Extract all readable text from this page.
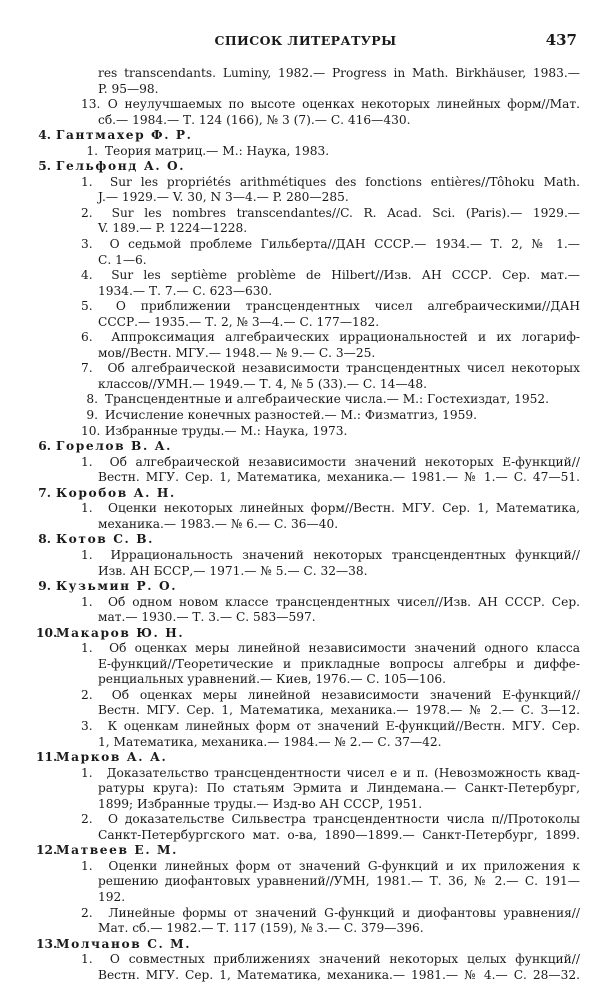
СПИСОК ЛИТЕРАТУРЫ	437
res transcendants. Luminy, 1982.— Progress in Math. Birkhäuser, 1983.—
P. 95—98.
13. О неулучшаемых по высоте оценках некоторых линейных форм//Мат.
сб.— 1984.— Т. 124 (166), № 3 (7).— С. 416—430.
4. Гантмахер Ф. Р.
1. Теория матриц.— М.: Наука, 1983.
5. Гельфонд А. О.
1. Sur les propriétés arithmétiques des fonctions entières//Tôhoku Math.
J.— 1929.— V. 30, N 3—4.— P. 280—285.
2. Sur les nombres transcendantes//C. R. Acad. Sci. (Paris).— 1929.—
V. 189.— P. 1224—1228.
3. О седьмой проблеме Гильберта//ДАН СССР.— 1934.— Т. 2, № 1.—
С. 1—6.
4. Sur les septième problème de Hilbert//Изв. АН СССР. Сер. мат.—
1934.— Т. 7.— С. 623—630.
5. О приближении трансцендентных чисел алгебраическими//ДАН
СССР.— 1935.— Т. 2, № 3—4.— С. 177—182.
6. Аппроксимация алгебраических иррациональностей и их логариф-
мов//Вестн. МГУ.— 1948.— № 9.— С. 3—25.
7. Об алгебраической независимости трансцендентных чисел некоторых
классов//УМН.— 1949.— Т. 4, № 5 (33).— С. 14—48.
8. Трансцендентные и алгебраические числа.— М.: Гостехиздат, 1952.
9. Исчисление конечных разностей.— М.: Физматгиз, 1959.
10. Избранные труды.— М.: Наука, 1973.
6. Горелов В. А.
1. Об алгебраической независимости значений некоторых Е-функций//
Вестн. МГУ. Сер. 1, Математика, механика.— 1981.— № 1.— С. 47—51.
7. Коробов А. Н.
1. Оценки некоторых линейных форм//Вестн. МГУ. Сер. 1, Математика,
механика.— 1983.— № 6.— С. 36—40.
8. Котов С. В.
1. Иррациональность значений некоторых трансцендентных функций//
Изв. АН БССР,— 1971.— № 5.— С. 32—38.
9. Кузьмин Р. О.
1. Об одном новом классе трансцендентных чисел//Изв. АН СССР. Сер.
мат.— 1930.— Т. 3.— С. 583—597.
10.Макаров Ю. Н.
1. Об оценках меры линейной независимости значений одного класса
Е-функций//Теоретические и прикладные вопросы алгебры и диффе-
ренциальных уравнений.— Киев, 1976.— С. 105—106.
2. Об оценках меры линейной независимости значений Е-функций//
Вестн. МГУ. Сер. 1, Математика, механика.— 1978.— № 2.— С. 3—12.
3. К оценкам линейных форм от значений Е-функций//Вестн. МГУ. Сер.
1, Математика, механика.— 1984.— № 2.— С. 37—42.
11.Марков А. А.
1. Доказательство трансцендентности чисел e и π. (Невозможность квад-
ратуры круга): По статьям Эрмита и Линдемана.— Санкт-Петербург,
1899; Избранные труды.— Изд-во АН СССР, 1951.
2. О доказательстве Сильвестра трансцендентности числа π//Протоколы
Санкт-Петербургского мат. о-ва, 1890—1899.— Санкт-Петербург, 1899.
12.Матвеев Е. М.
1. Оценки линейных форм от значений G-функций и их приложения к
решению диофантовых уравнений//УМН, 1981.— Т. 36, № 2.— С. 191—
192.
2. Линейные формы от значений G-функций и диофантовы уравнения//
Мат. сб.— 1982.— Т. 117 (159), № 3.— С. 379—396.
13.Молчанов С. М.
1. О совместных приближениях значений некоторых целых функций//
Вестн. МГУ. Сер. 1, Математика, механика.— 1981.— № 4.— С. 28—32.
